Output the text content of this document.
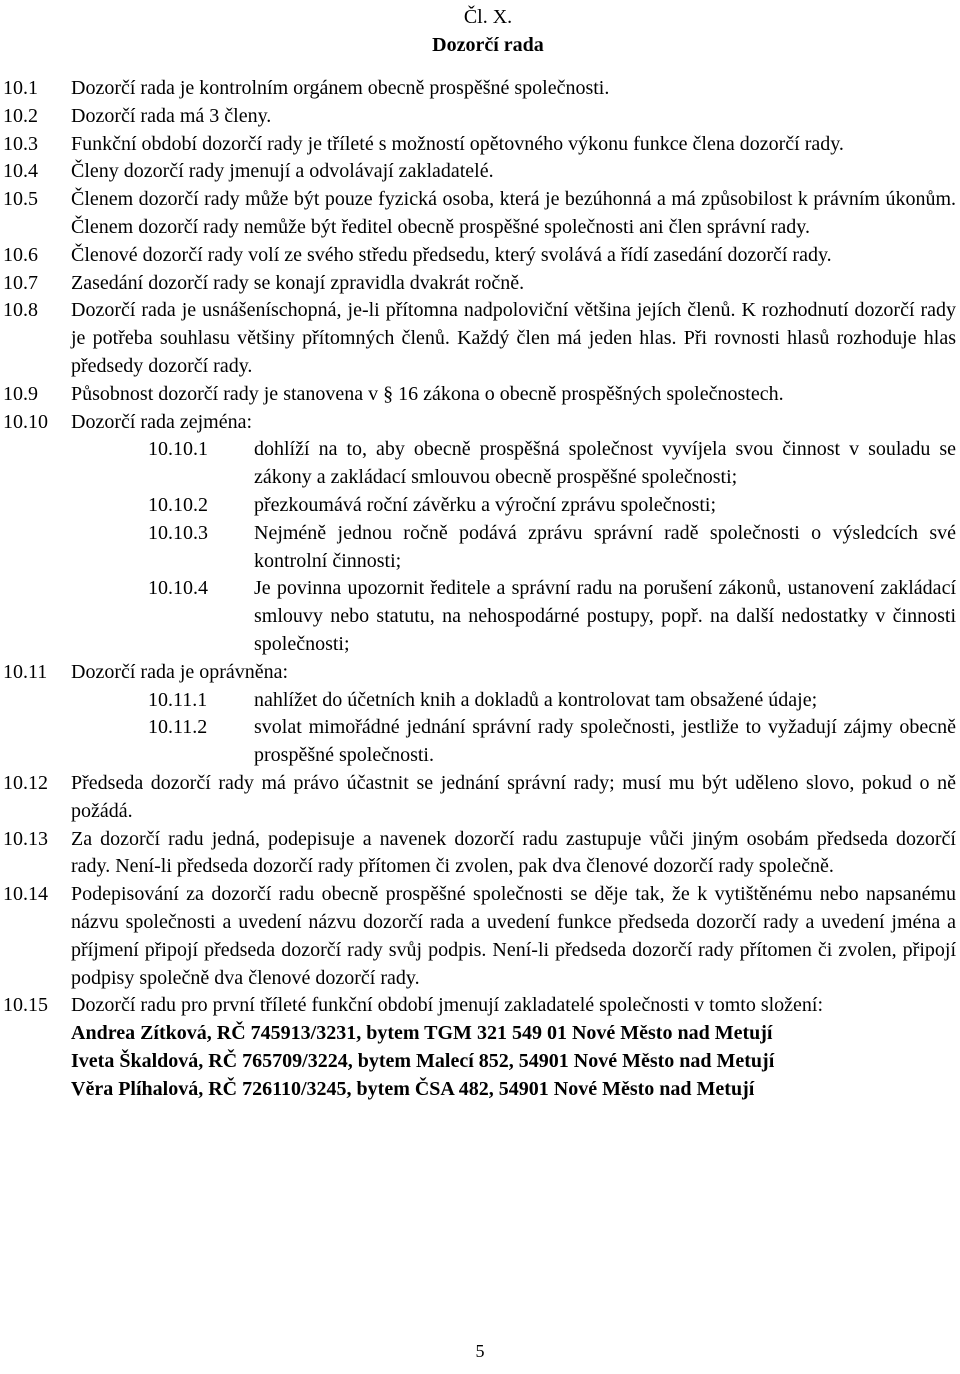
Čl. X.
Dozorčí rada
10.1 Dozorčí rada je kontrolním orgánem obecně prospěšné společnosti.
10.2 Dozorčí rada má 3 členy.
10.3 Funkční období dozorčí rady je tříleté s možností opětovného výkonu funkce člena dozorčí rady.
10.4 Členy dozorčí rady jmenují a odvolávají zakladatelé.
10.5 Členem dozorčí rady může být pouze fyzická osoba, která je bezúhonná a má způsobilost k právním úkonům. Členem dozorčí rady nemůže být ředitel obecně prospěšné společnosti ani člen správní rady.
10.6 Členové dozorčí rady volí ze svého středu předsedu, který svolává a řídí zasedání dozorčí rady.
10.7 Zasedání dozorčí rady se konají zpravidla dvakrát ročně.
10.8 Dozorčí rada je usnášeníschopná, je-li přítomna nadpoloviční většina jejích členů. K rozhodnutí dozorčí rady je potřeba souhlasu většiny přítomných členů. Každý člen má jeden hlas. Při rovnosti hlasů rozhoduje hlas předsedy dozorčí rady.
10.9 Působnost dozorčí rady je stanovena v § 16 zákona o obecně prospěšných společnostech.
10.10 Dozorčí rada zejména:
10.10.1 dohlíží na to, aby obecně prospěšná společnost vyvíjela svou činnost v souladu se zákony a zakládací smlouvou obecně prospěšné společnosti;
10.10.2 přezkoumává roční závěrku a výroční zprávu společnosti;
10.10.3 Nejméně jednou ročně podává zprávu správní radě společnosti o výsledcích své kontrolní činnosti;
10.10.4 Je povinna upozornit ředitele a správní radu na porušení zákonů, ustanovení zakládací smlouvy nebo statutu, na nehospodárné postupy, popř. na další nedostatky v činnosti společnosti;
10.11 Dozorčí rada je oprávněna:
10.11.1 nahlížet do účetních knih a dokladů a kontrolovat tam obsažené údaje;
10.11.2 svolat mimořádné jednání správní rady společnosti, jestliže to vyžadují zájmy obecně prospěšné společnosti.
10.12 Předseda dozorčí rady má právo účastnit se jednání správní rady; musí mu být uděleno slovo, pokud o ně požádá.
10.13 Za dozorčí radu jedná, podepisuje a navenek dozorčí radu zastupuje vůči jiným osobám předseda dozorčí rady. Není-li předseda dozorčí rady přítomen či zvolen, pak dva členové dozorčí rady společně.
10.14 Podepisování za dozorčí radu obecně prospěšné společnosti se děje tak, že k vytištěnému nebo napsanému názvu společnosti a uvedení názvu dozorčí rada a uvedení funkce předseda dozorčí rady a uvedení jména a příjmení připojí předseda dozorčí rady svůj podpis. Není-li předseda dozorčí rady přítomen či zvolen, připojí podpisy společně dva členové dozorčí rady.
10.15 Dozorčí radu pro první tříleté funkční období jmenují zakladatelé společnosti v tomto složení:
Andrea Zítková, RČ 745913/3231, bytem TGM 321 549 01 Nové Město nad Metují
Iveta Škaldová, RČ 765709/3224, bytem Malecí 852, 54901 Nové Město nad Metují
Věra Plíhalová, RČ 726110/3245, bytem ČSA 482, 54901 Nové Město nad Metují
5
